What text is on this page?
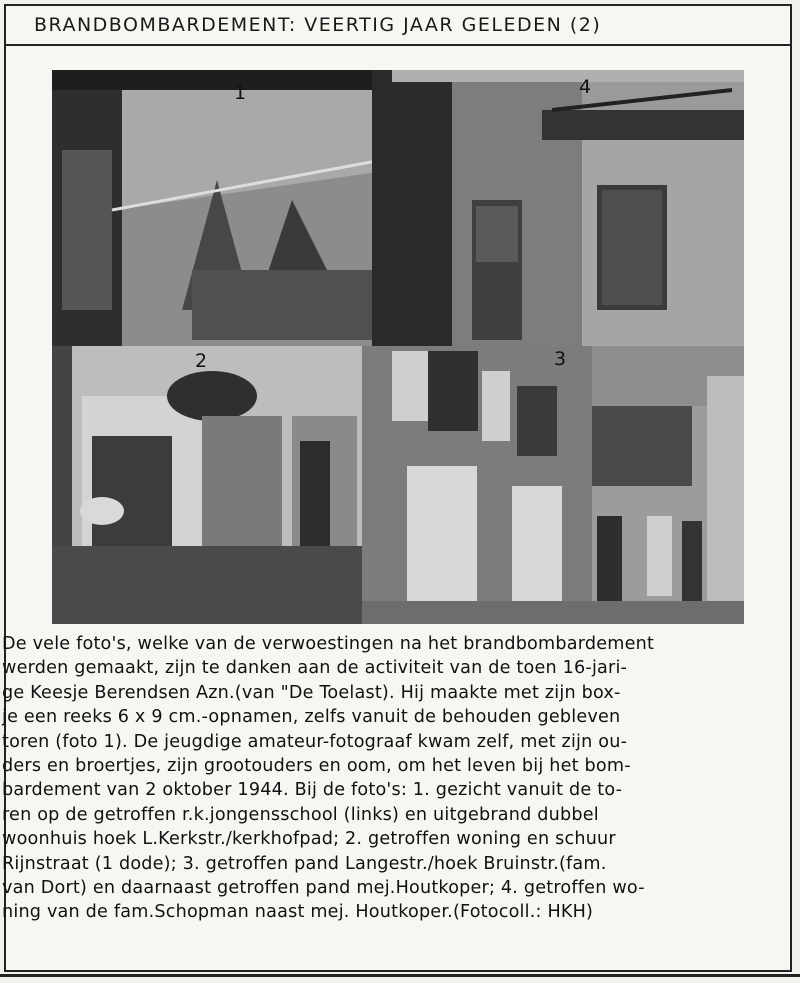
BRANDBOMBARDEMENT: VEERTIG JAAR GELEDEN (2)
1	4
2	3
De vele foto's, welke van de verwoestingen na het brandbombardement
werden gemaakt, zijn te danken aan de activiteit van de toen 16-jari-
ge Keesje Berendsen Azn.(van "De Toelast). Hij maakte met zijn box-
je een reeks 6 x 9 cm.-opnamen, zelfs vanuit de behouden gebleven
toren (foto 1). De jeugdige amateur-fotograaf kwam zelf, met zijn ou-
ders en broertjes, zijn grootouders en oom, om het leven bij het bom-
bardement van 2 oktober 1944. Bij de foto's: 1. gezicht vanuit de to-
ren op de getroffen r.k.jongensschool (links) en uitgebrand dubbel
woonhuis hoek L.Kerkstr./kerkhofpad; 2. getroffen woning en schuur
Rijnstraat (1 dode); 3. getroffen pand Langestr./hoek Bruinstr.(fam.
van Dort) en daarnaast getroffen pand mej.Houtkoper; 4. getroffen wo-
ning van de fam.Schopman naast mej. Houtkoper.(Fotocoll.: HKH)
